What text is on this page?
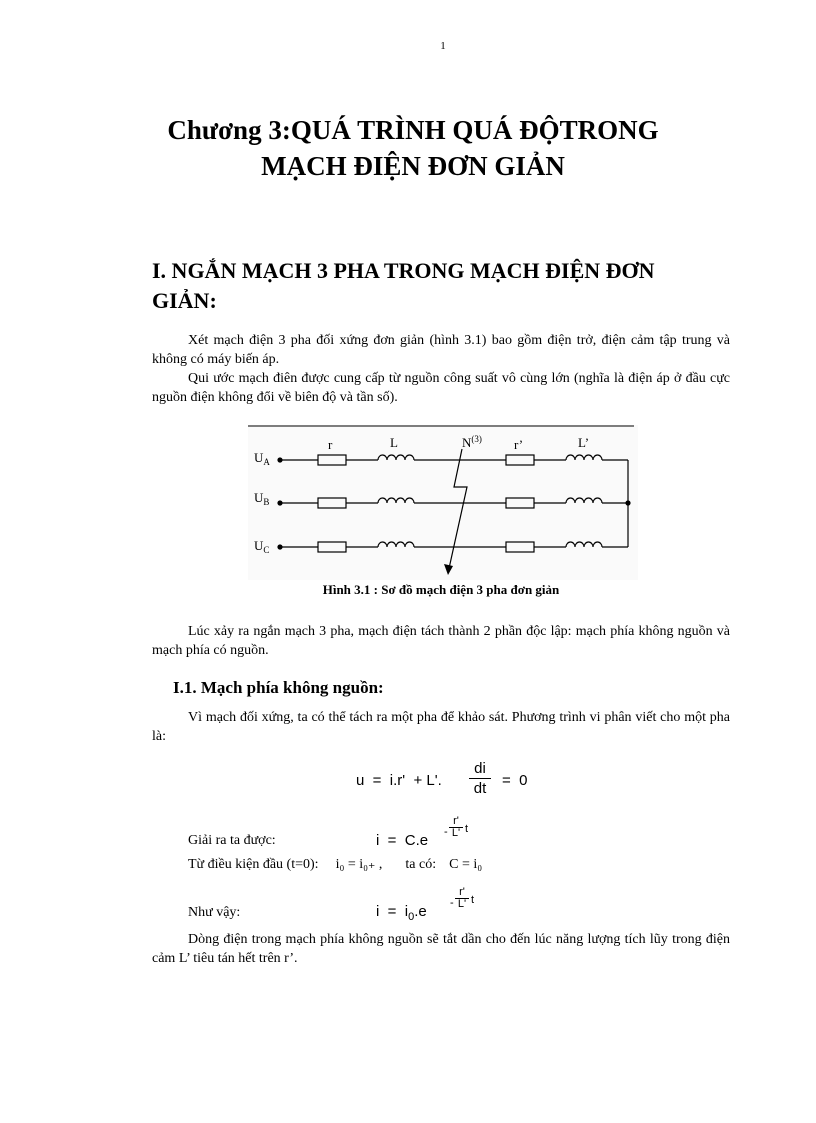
1
Chương 3:QUÁ TRÌNH QUÁ ĐỘTRONG
MẠCH ĐIỆN ĐƠN GIẢN
I. NGẮN MẠCH 3 PHA TRONG MẠCH ĐIỆN ĐƠN
GIẢN:
Xét mạch điện 3 pha đối xứng đơn giản (hình 3.1) bao gồm điện trở, điện cảm tập trung và không có máy biến áp.
Qui ước mạch điên được cung cấp từ nguồn công suất vô cùng lớn (nghĩa là điện áp ở đầu cực nguồn điện không đổi về biên độ và tần số).
$U_A$
$U_B$
$U_C$
r	L	$N^{(3)}$ r’	L’
Hình 3.1 : Sơ đồ mạch điện 3 pha đơn giản
Lúc xảy ra ngắn mạch 3 pha, mạch điện tách thành 2 phần độc lập: mạch phía không nguồn và mạch phía có nguồn.
I.1. Mạch phía không nguồn:
Vì mạch đối xứng, ta có thể tách ra một pha để khảo sát. Phương trình vi phân viết cho một pha là:
u  =  i.r'  + L'. $\frac{di}{dt} = 0$
Giải ra ta được:	$i = C.e - \frac{r'}{L'}$ t
Từ điều kiện đầu (t=0): i₀ = i₀₊ , ta có: C = i₀
Như vậy:	$i = i_0.e - \frac{r'}{L'}$ t
Dòng điện trong mạch phía không nguồn sẽ tắt dần cho đến lúc năng lượng tích lũy trong điện cảm L’ tiêu tán hết trên r’.
